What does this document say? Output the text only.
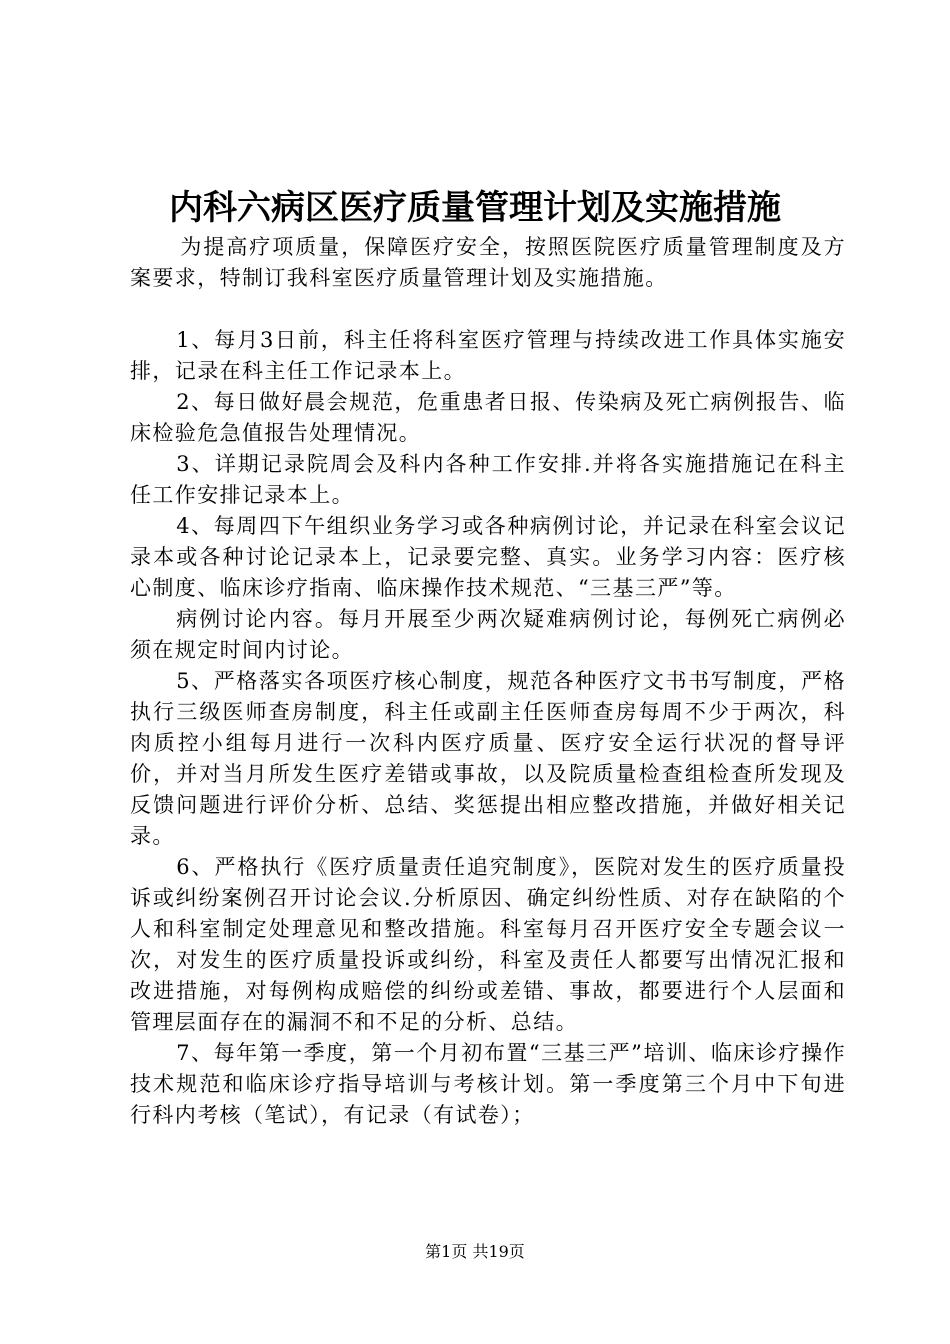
内科六病区医疗质量管理计划及实施措施

为提高疗项质量，保障医疗安全，按照医院医疗质量管理制度及方案要求，特制订我科室医疗质量管理计划及实施措施。

1、每月3日前，科主任将科室医疗管理与持续改进工作具体实施安排，记录在科主任工作记录本上。

2、每日做好晨会规范，危重患者日报、传染病及死亡病例报告、临床检验危急值报告处理情况。

3、详期记录院周会及科内各种工作安排.并将各实施措施记在科主任工作安排记录本上。

4、每周四下午组织业务学习或各种病例讨论，并记录在科室会议记录本或各种讨论记录本上，记录要完整、真实。业务学习内容：医疗核心制度、临床诊疗指南、临床操作技术规范、“三基三严”等。

病例讨论内容。每月开展至少两次疑难病例讨论，每例死亡病例必须在规定时间内讨论。

5、严格落实各项医疗核心制度，规范各种医疗文书书写制度，严格执行三级医师查房制度，科主任或副主任医师查房每周不少于两次，科肉质控小组每月进行一次科内医疗质量、医疗安全运行状况的督导评价，并对当月所发生医疗差错或事故，以及院质量检查组检查所发现及反馈问题进行评价分析、总结、奖惩提出相应整改措施，并做好相关记录。

6、严格执行《医疗质量责任追究制度》，医院对发生的医疗质量投诉或纠纷案例召开讨论会议.分析原因、确定纠纷性质、对存在缺陷的个人和科室制定处理意见和整改措施。科室每月召开医疗安全专题会议一次，对发生的医疗质量投诉或纠纷，科室及责任人都要写出情况汇报和改进措施，对每例构成赔偿的纠纷或差错、事故，都要进行个人层面和管理层面存在的漏洞不和不足的分析、总结。

7、每年第一季度，第一个月初布置“三基三严”培训、临床诊疗操作技术规范和临床诊疗指导培训与考核计划。第一季度第三个月中下旬进行科内考核（笔试），有记录（有试卷）；

第1页 共19页
